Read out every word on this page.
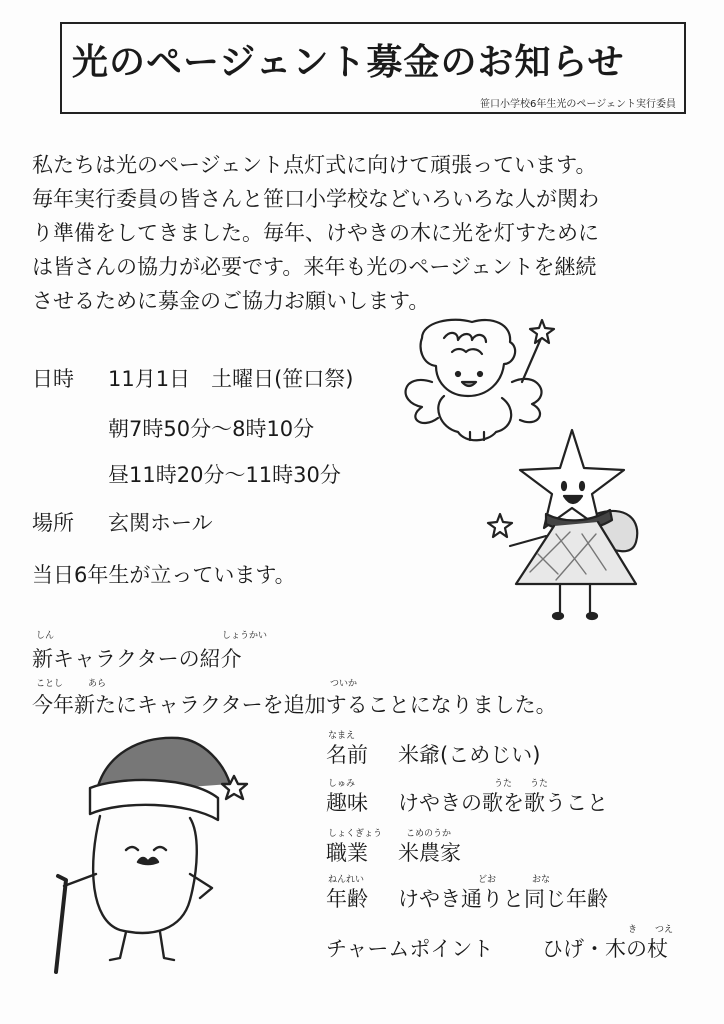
光のページェント募金のお知らせ
笹口小学校6年生光のページェント実行委員

私たちは光のページェント点灯式に向けて頑張っています。
毎年実行委員の皆さんと笹口小学校などいろいろな人が関わ
り準備をしてきました。毎年、けやきの木に光を灯すために
は皆さんの協力が必要です。来年も光のページェントを継続
させるために募金のご協力お願いします。

日時 11月1日　土曜日(笹口祭)
朝7時50分～8時10分
昼11時20分～11時30分
場所 玄関ホール
当日6年生が立っています。
しん	しょうかい
新キャラクターの紹介
ことし	あら	ついか
今年新たにキャラクターを追加することになりました。
なまえ
名前 米爺(こめじい)
しゅみ	うた　　うた
趣味 けやきの歌を歌うこと
しょくぎょう	こめのうか
職業 米農家
ねんれい	どお　　　　おな
年齢 けやき通りと同じ年齢
き　　つえ
チャームポイント ひげ・木の杖
